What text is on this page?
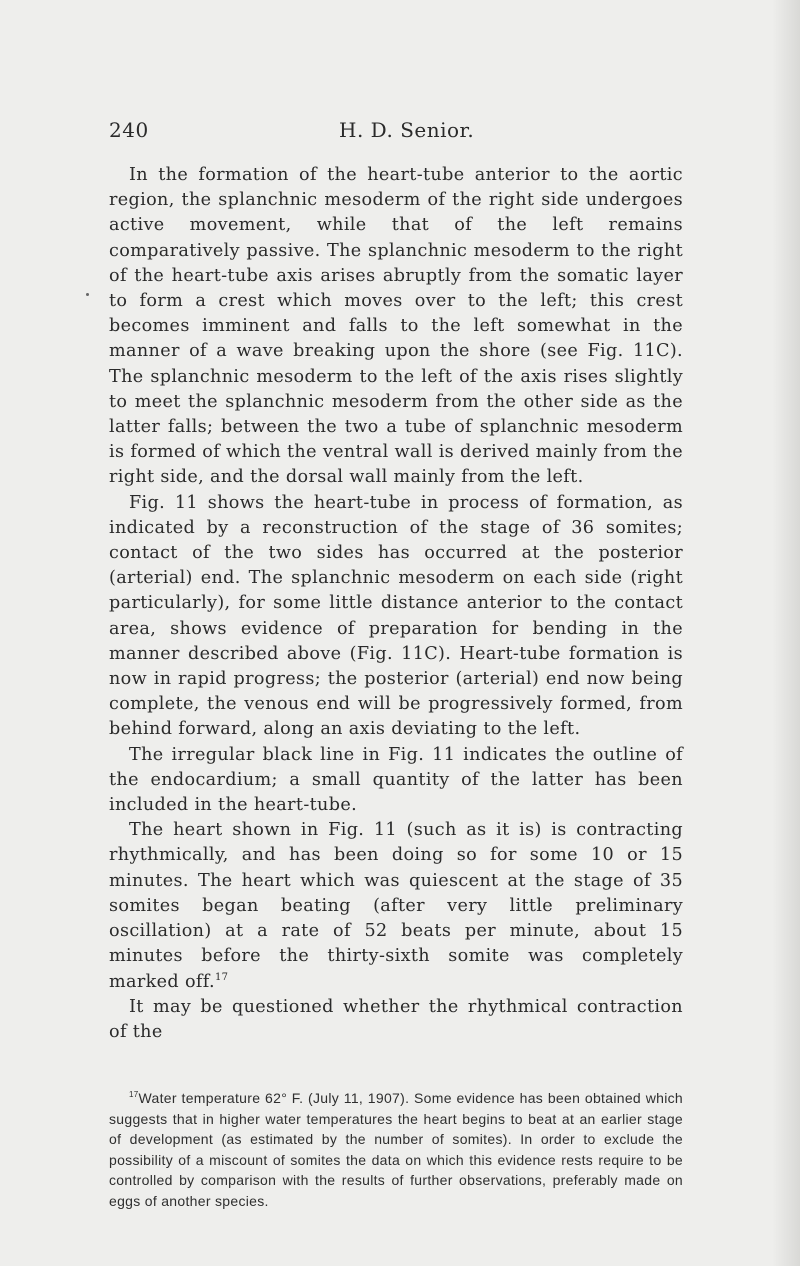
240	H. D. Senior.

In the formation of the heart-tube anterior to the aortic region, the splanchnic mesoderm of the right side undergoes active movement, while that of the left remains comparatively passive. The splanchnic mesoderm to the right of the heart-tube axis arises abruptly from the somatic layer to form a crest which moves over to the left; this crest becomes imminent and falls to the left somewhat in the manner of a wave breaking upon the shore (see Fig. 11C). The splanchnic mesoderm to the left of the axis rises slightly to meet the splanchnic mesoderm from the other side as the latter falls; between the two a tube of splanchnic mesoderm is formed of which the ventral wall is derived mainly from the right side, and the dorsal wall mainly from the left.

Fig. 11 shows the heart-tube in process of formation, as indicated by a reconstruction of the stage of 36 somites; contact of the two sides has occurred at the posterior (arterial) end. The splanchnic mesoderm on each side (right particularly), for some little distance anterior to the contact area, shows evidence of preparation for bending in the manner described above (Fig. 11C). Heart-tube formation is now in rapid progress; the posterior (arterial) end now being complete, the venous end will be progressively formed, from behind forward, along an axis deviating to the left.

The irregular black line in Fig. 11 indicates the outline of the endocardium; a small quantity of the latter has been included in the heart-tube.

The heart shown in Fig. 11 (such as it is) is contracting rhythmically, and has been doing so for some 10 or 15 minutes. The heart which was quiescent at the stage of 35 somites began beating (after very little preliminary oscillation) at a rate of 52 beats per minute, about 15 minutes before the thirty-sixth somite was completely marked off.$^{17}$

It may be questioned whether the rhythmical contraction of the

$^{17}$Water temperature 62° F. (July 11, 1907). Some evidence has been obtained which suggests that in higher water temperatures the heart begins to beat at an earlier stage of development (as estimated by the number of somites). In order to exclude the possibility of a miscount of somites the data on which this evidence rests require to be controlled by comparison with the results of further observations, preferably made on eggs of another species.
